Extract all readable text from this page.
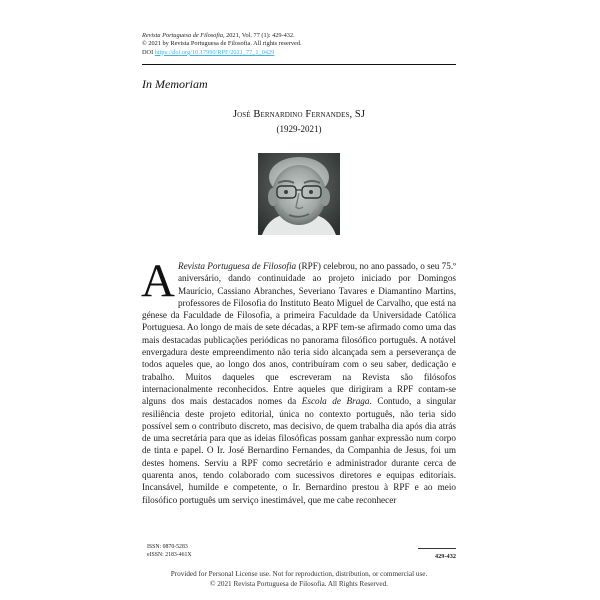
Revista Portuguesa de Filosofia, 2021, Vol. 77 (1): 429-432.
© 2021 by Revista Portuguesa de Filosofia. All rights reserved.
DOI https://doi.org/10.17990/RPF/2021_77_1_0429
In Memoriam
José Bernardino Fernandes, SJ
(1929-2021)
A Revista Portuguesa de Filosofia (RPF) celebrou, no ano passado, o seu 75.º aniversário, dando continuidade ao projeto iniciado por Domingos Maurício, Cassiano Abranches, Severiano Tavares e Diamantino Martins, professores de Filosofia do Instituto Beato Miguel de Carvalho, que está na génese da Faculdade de Filosofia, a primeira Faculdade da Universidade Católica Portuguesa. Ao longo de mais de sete décadas, a RPF tem-se afirmado como uma das mais destacadas publicações periódicas no panorama filosófico português. A notável envergadura deste empreendimento não teria sido alcançada sem a perseverança de todos aqueles que, ao longo dos anos, contribuíram com o seu saber, dedicação e trabalho. Muitos daqueles que escreveram na Revista são filósofos internacionalmente reconhecidos. Entre aqueles que dirigiram a RPF contam-se alguns dos mais destacados nomes da Escola de Braga. Contudo, a singular resiliência deste projeto editorial, única no contexto português, não teria sido possível sem o contributo discreto, mas decisivo, de quem trabalha dia após dia atrás de uma secretária para que as ideias filosóficas possam ganhar expressão num corpo de tinta e papel. O Ir. José Bernardino Fernandes, da Companhia de Jesus, foi um destes homens. Serviu a RPF como secretário e administrador durante cerca de quarenta anos, tendo colaborado com sucessivos diretores e equipas editoriais. Incansável, humilde e competente, o Ir. Bernardino prestou à RPF e ao meio filosófico português um serviço inestimável, que me cabe reconhecer
ISSN: 0870-5283
eISSN: 2183-461X	429-432
Provided for Personal License use. Not for reproduction, distribution, or commercial use.
© 2021 Revista Portuguesa de Filosofia. All Rights Reserved.
